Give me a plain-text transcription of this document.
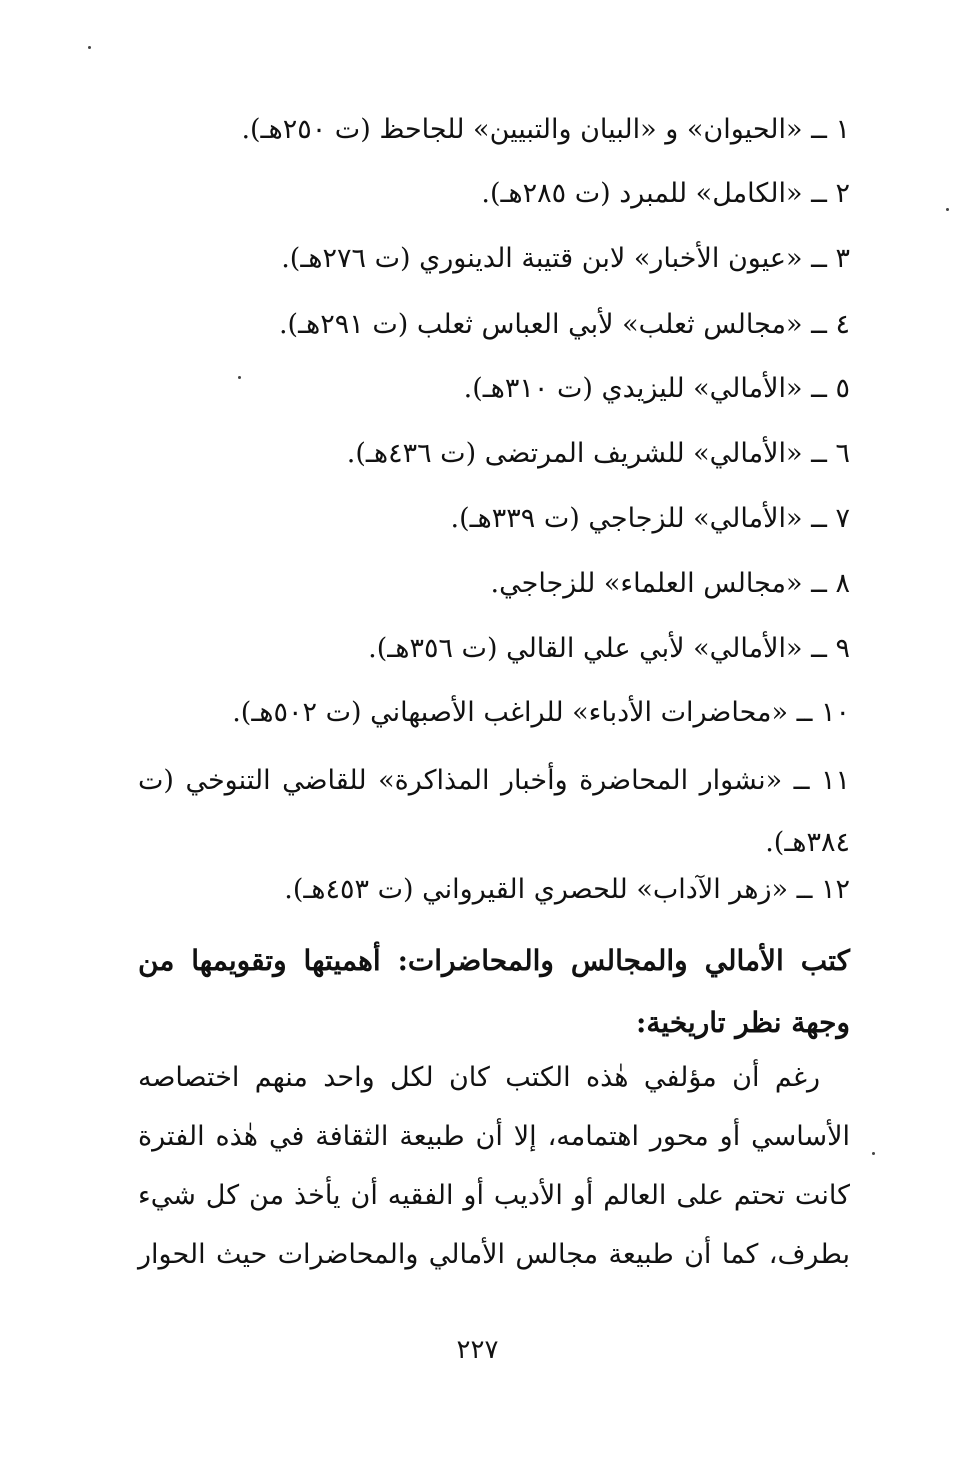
١ ــ «الحيوان» و «البيان والتبيين» للجاحظ (ت ٢٥٠هـ).
٢ ــ «الكامل» للمبرد (ت ٢٨٥هـ).
٣ ــ «عيون الأخبار» لابن قتيبة الدينوري (ت ٢٧٦هـ).
٤ ــ «مجالس ثعلب» لأبي العباس ثعلب (ت ٢٩١هـ).
٥ ــ «الأمالي» لليزيدي (ت ٣١٠هـ).
٦ ــ «الأمالي» للشريف المرتضى (ت ٤٣٦هـ).
٧ ــ «الأمالي» للزجاجي (ت ٣٣٩هـ).
٨ ــ «مجالس العلماء» للزجاجي.
٩ ــ «الأمالي» لأبي علي القالي (ت ٣٥٦هـ).
١٠ ــ «محاضرات الأدباء» للراغب الأصبهاني (ت ٥٠٢هـ).
١١ ــ «نشوار المحاضرة وأخبار المذاكرة» للقاضي التنوخي (ت ٣٨٤هـ).
١٢ ــ «زهر الآداب» للحصري القيرواني (ت ٤٥٣هـ).
كتب الأمالي والمجالس والمحاضرات: أهميتها وتقويمها من وجهة نظر تاريخية:
رغم أن مؤلفي هٰذه الكتب كان لكل واحد منهم اختصاصه الأساسي أو محور اهتمامه، إلا أن طبيعة الثقافة في هٰذه الفترة كانت تحتم على العالم أو الأديب أو الفقيه أن يأخذ من كل شيء بطرف، كما أن طبيعة مجالس الأمالي والمحاضرات حيث الحوار
٢٢٧
